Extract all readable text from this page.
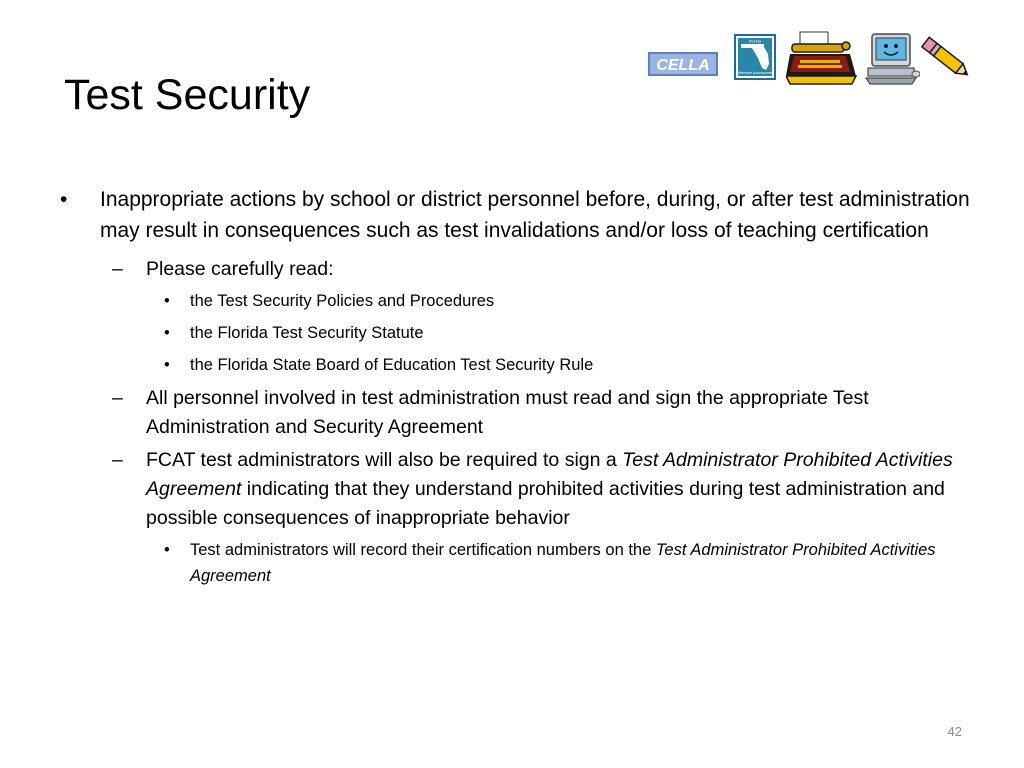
Test Security
CELLA
Florida
Alternate Assessment
• Inappropriate actions by school or district personnel before, during, or after test administration may result in consequences such as test invalidations and/or loss of teaching certification
– Please carefully read:
• the Test Security Policies and Procedures
• the Florida Test Security Statute
• the Florida State Board of Education Test Security Rule
– All personnel involved in test administration must read and sign the appropriate Test Administration and Security Agreement
– FCAT test administrators will also be required to sign a Test Administrator Prohibited Activities Agreement indicating that they understand prohibited activities during test administration and possible consequences of inappropriate behavior
• Test administrators will record their certification numbers on the Test Administrator Prohibited Activities Agreement
42
